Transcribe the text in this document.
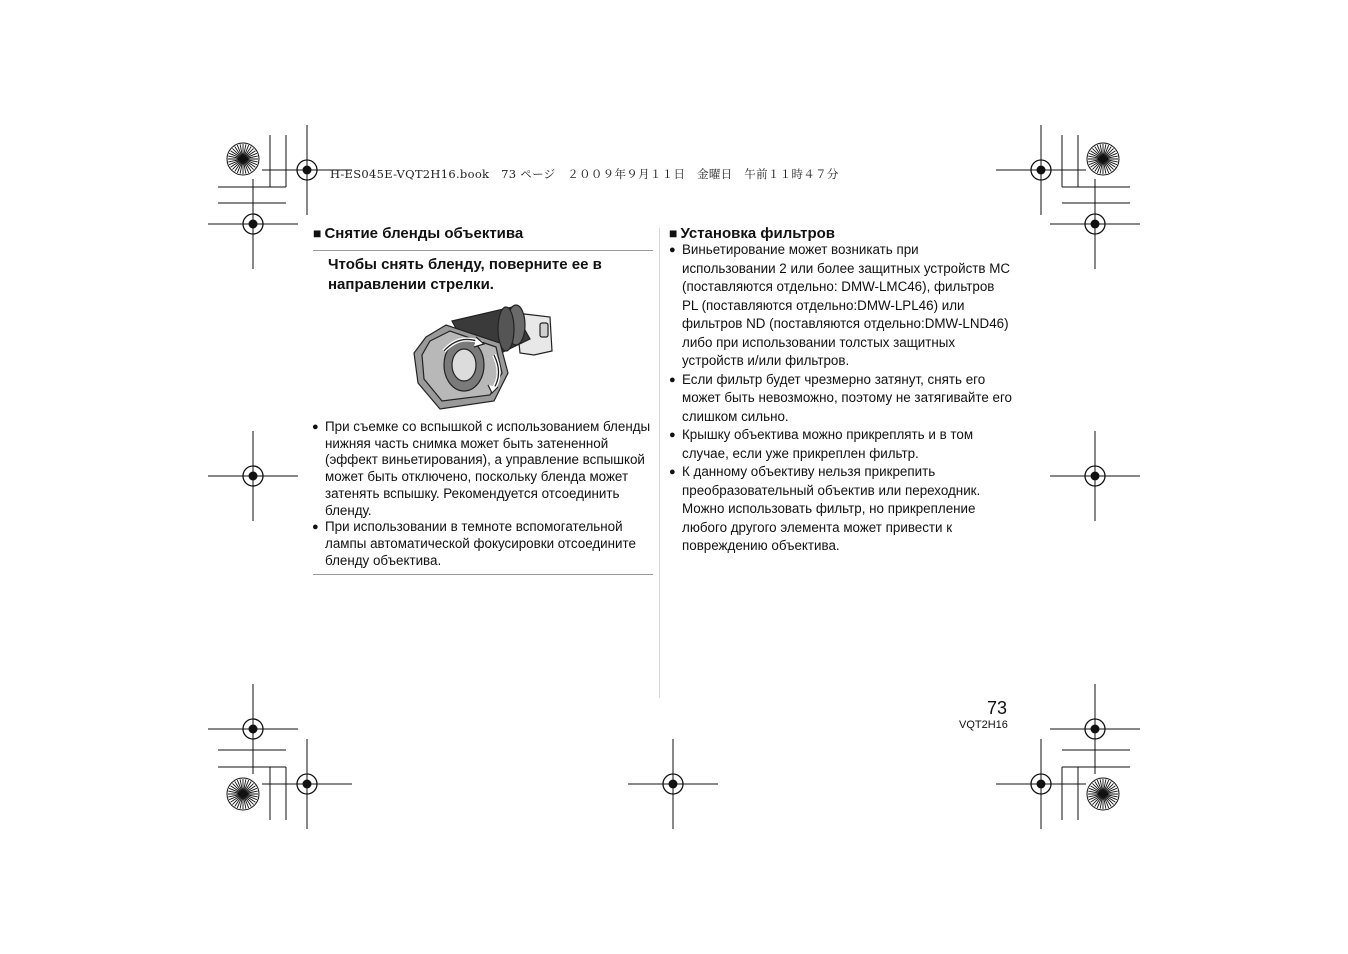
H-ES045E-VQT2H16.book　73 ページ　２００９年９月１１日　金曜日　午前１１時４７分
■ Снятие бленды объектива
Чтобы снять бленду, поверните ее в направлении стрелки.
● При съемке со вспышкой с использованием бленды нижняя часть снимка может быть затененной (эффект виньетирования), а управление вспышкой может быть отключено, поскольку бленда может затенять вспышку. Рекомендуется отсоединить бленду.
● При использовании в темноте вспомогательной лампы автоматической фокусировки отсоедините бленду объектива.
■ Установка фильтров
● Виньетирование может возникать при использовании 2 или более защитных устройств MC (поставляются отдельно: DMW-LMC46), фильтров PL (поставляются отдельно:DMW-LPL46) или фильтров ND (поставляются отдельно:DMW-LND46) либо при использовании толстых защитных устройств и/или фильтров.
● Если фильтр будет чрезмерно затянут, снять его может быть невозможно, поэтому не затягивайте его слишком сильно.
● Крышку объектива можно прикреплять и в том случае, если уже прикреплен фильтр.
● К данному объективу нельзя прикрепить преобразовательный объектив или переходник. Можно использовать фильтр, но прикрепление любого другого элемента может привести к повреждению объектива.
73
VQT2H16
